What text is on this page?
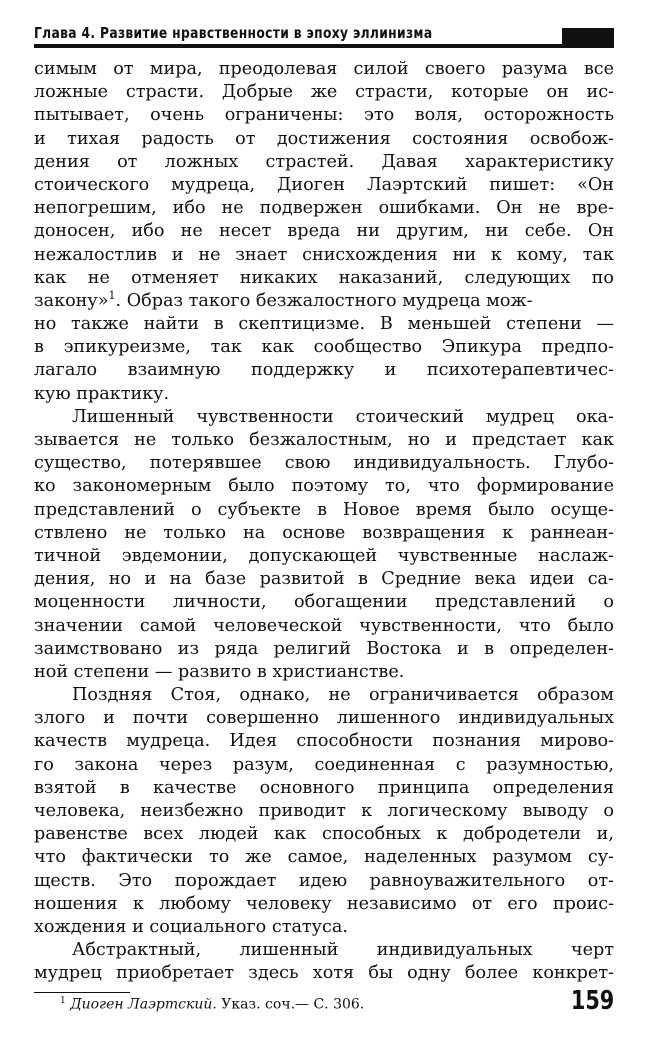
Глава 4. Развитие нравственности в эпоху эллинизма
симым от мира, преодолевая силой своего разума все
ложные страсти. Добрые же страсти, которые он ис-
пытывает, очень ограничены: это воля, осторожность
и тихая радость от достижения состояния освобож-
дения от ложных страстей. Давая характеристику
стоического мудреца, Диоген Лаэртский пишет: «Он
непогрешим, ибо не подвержен ошибками. Он не вре-
доносен, ибо не несет вреда ни другим, ни себе. Он
нежалостлив и не знает снисхождения ни к кому, так
как не отменяет никаких наказаний, следующих по
закону»$^1$. Образ такого безжалостного мудреца мож-
но также найти в скептицизме. В меньшей степени —
в эпикуреизме, так как сообщество Эпикура предпо-
лагало взаимную поддержку и психотерапевтичес-
кую практику.
Лишенный чувственности стоический мудрец ока-
зывается не только безжалостным, но и предстает как
существо, потерявшее свою индивидуальность. Глубо-
ко закономерным было поэтому то, что формирование
представлений о субъекте в Новое время было осуще-
ствлено не только на основе возвращения к раннеан-
тичной эвдемонии, допускающей чувственные наслаж-
дения, но и на базе развитой в Средние века идеи са-
моценности личности, обогащении представлений о
значении самой человеческой чувственности, что было
заимствовано из ряда религий Востока и в определен-
ной степени — развито в христианстве.
Поздняя Стоя, однако, не ограничивается образом
злого и почти совершенно лишенного индивидуальных
качеств мудреца. Идея способности познания мирово-
го закона через разум, соединенная с разумностью,
взятой в качестве основного принципа определения
человека, неизбежно приводит к логическому выводу о
равенстве всех людей как способных к добродетели и,
что фактически то же самое, наделенных разумом су-
ществ. Это порождает идею равноуважительного от-
ношения к любому человеку независимо от его проис-
хождения и социального статуса.
Абстрактный, лишенный индивидуальных черт
мудрец приобретает здесь хотя бы одну более конкрет-
$^1$ Диоген Лаэртский. Указ. соч.— С. 306.	159
